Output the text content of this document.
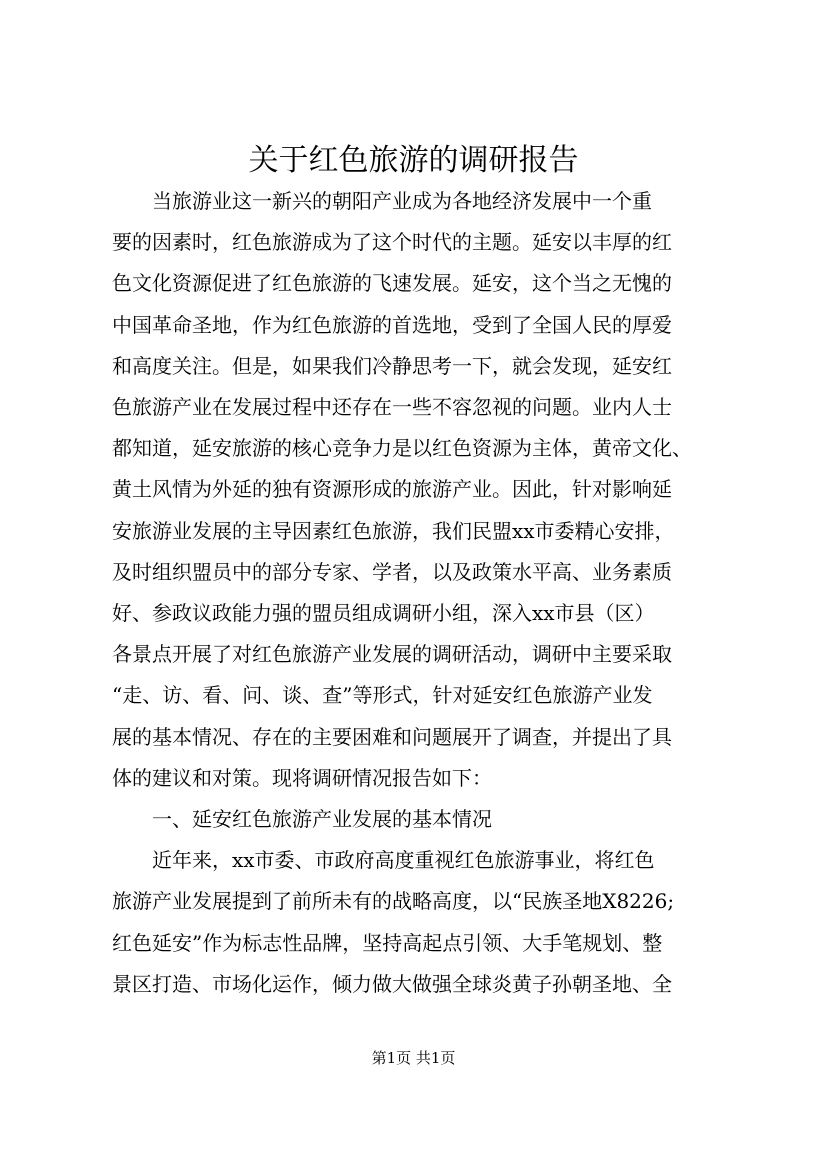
关于红色旅游的调研报告

当旅游业这一新兴的朝阳产业成为各地经济发展中一个重
要的因素时，红色旅游成为了这个时代的主题。延安以丰厚的红
色文化资源促进了红色旅游的飞速发展。延安，这个当之无愧的
中国革命圣地，作为红色旅游的首选地，受到了全国人民的厚爱
和高度关注。但是，如果我们冷静思考一下，就会发现，延安红
色旅游产业在发展过程中还存在一些不容忽视的问题。业内人士
都知道，延安旅游的核心竞争力是以红色资源为主体，黄帝文化、
黄土风情为外延的独有资源形成的旅游产业。因此，针对影响延
安旅游业发展的主导因素红色旅游，我们民盟xx市委精心安排，
及时组织盟员中的部分专家、学者，以及政策水平高、业务素质
好、参政议政能力强的盟员组成调研小组，深入xx市县（区）
各景点开展了对红色旅游产业发展的调研活动，调研中主要采取
“走、访、看、问、谈、查”等形式，针对延安红色旅游产业发
展的基本情况、存在的主要困难和问题展开了调查，并提出了具
体的建议和对策。现将调研情况报告如下：

一、延安红色旅游产业发展的基本情况

近年来，xx市委、市政府高度重视红色旅游事业，将红色
旅游产业发展提到了前所未有的战略高度，以“民族圣地X8226;
红色延安”作为标志性品牌，坚持高起点引领、大手笔规划、整
景区打造、市场化运作，倾力做大做强全球炎黄子孙朝圣地、全

第1页 共1页
